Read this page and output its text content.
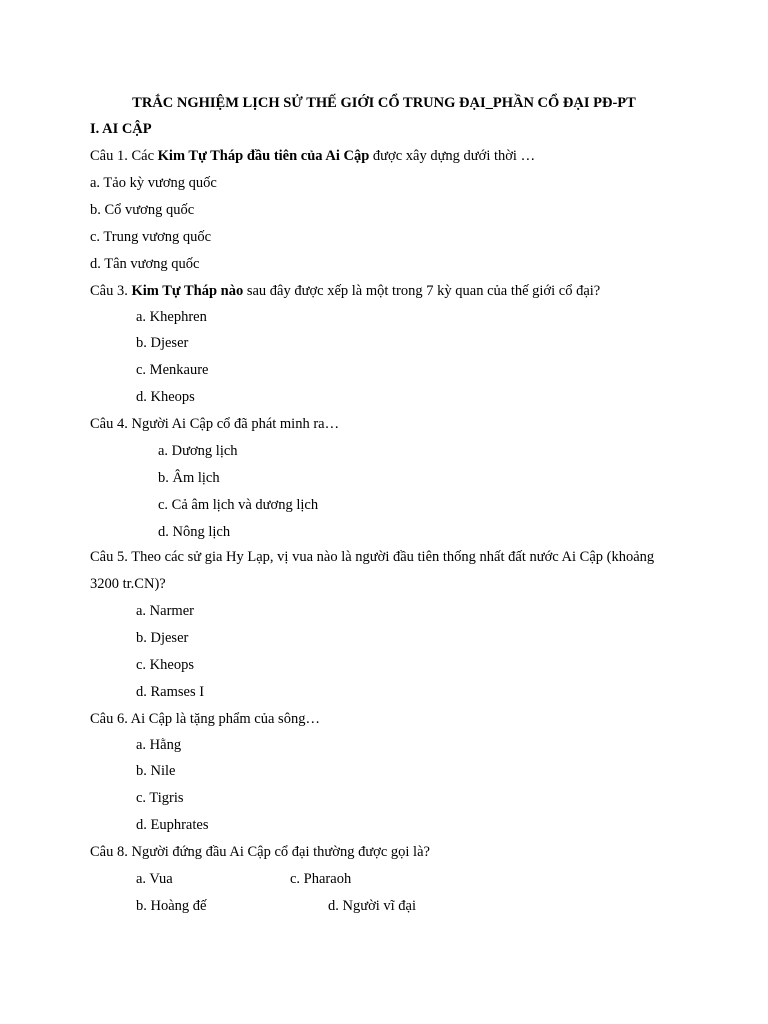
TRẮC NGHIỆM LỊCH SỬ THẾ GIỚI CỔ TRUNG ĐẠI_PHẦN CỔ ĐẠI PĐ-PT
I. AI CẬP
Câu 1. Các Kim Tự Tháp đầu tiên của Ai Cập được xây dựng dưới thời …
a. Tảo kỳ vương quốc
b. Cổ vương quốc
c. Trung vương quốc
d. Tân vương quốc
Câu 3. Kim Tự Tháp nào sau đây được xếp là một trong 7 kỳ quan của thế giới cổ đại?
a. Khephren
b. Djeser
c. Menkaure
d. Kheops
Câu 4. Người Ai Cập cổ đã phát minh ra…
a. Dương lịch
b. Âm lịch
c. Cả âm lịch và dương lịch
d. Nông lịch
Câu 5. Theo các sử gia Hy Lạp, vị vua nào là người đầu tiên thống nhất đất nước Ai Cập (khoảng
3200 tr.CN)?
a. Narmer
b. Djeser
c. Kheops
d. Ramses I
Câu 6. Ai Cập là tặng phẩm của sông…
a. Hằng
b. Nile
c. Tigris
d. Euphrates
Câu 8. Người đứng đầu Ai Cập cổ đại thường được gọi là?
a. Vua	c. Pharaoh
b. Hoàng đế	d. Người vĩ đại
